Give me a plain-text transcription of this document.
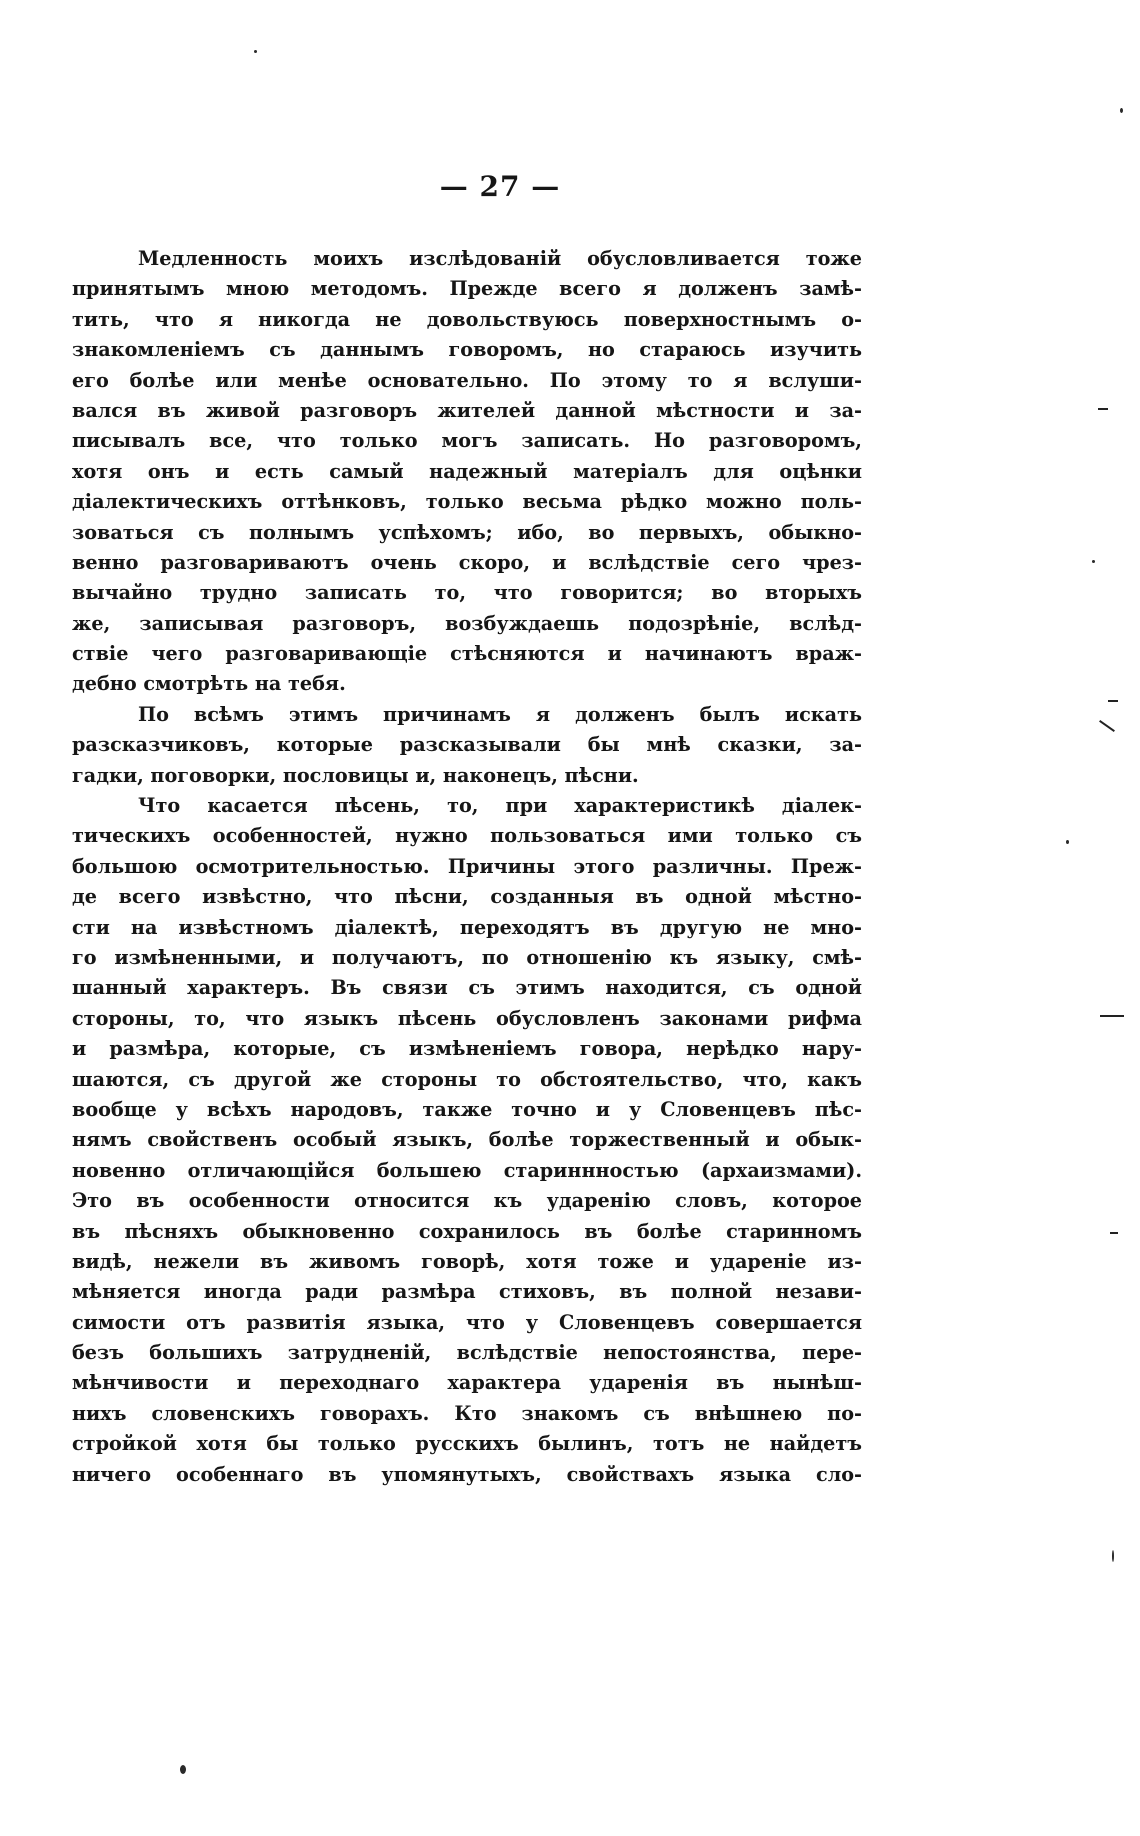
— 27 —
Медленность моихъ изслѣдованій обусловливается тоже
принятымъ мною методомъ. Прежде всего я долженъ замѣ-
тить, что я никогда не довольствуюсь поверхностнымъ о-
знакомленіемъ съ даннымъ говоромъ, но стараюсь изучить
его болѣе или менѣе основательно. По этому то я вслуши-
вался въ живой разговоръ жителей данной мѣстности и за-
писывалъ все, что только могъ записать. Но разговоромъ,
хотя онъ и есть самый надежный матеріалъ для оцѣнки
діалектическихъ оттѣнковъ, только весьма рѣдко можно поль-
зоваться съ полнымъ успѣхомъ; ибо, во первыхъ, обыкно-
венно разговариваютъ очень скоро, и вслѣдствіе сего чрез-
вычайно трудно записать то, что говорится; во вторыхъ
же, записывая разговоръ, возбуждаешь подозрѣніе, вслѣд-
ствіе чего разговаривающіе стѣсняются и начинаютъ враж-
дебно смотрѣть на тебя.
По всѣмъ этимъ причинамъ я долженъ былъ искать
разсказчиковъ, которые разсказывали бы мнѣ сказки, за-
гадки, поговорки, пословицы и, наконецъ, пѣсни.
Что касается пѣсень, то, при характеристикѣ діалек-
тическихъ особенностей, нужно пользоваться ими только съ
большою осмотрительностью. Причины этого различны. Преж-
де всего извѣстно, что пѣсни, созданныя въ одной мѣстно-
сти на извѣстномъ діалектѣ, переходятъ въ другую не мно-
го измѣненными, и получаютъ, по отношенію къ языку, смѣ-
шанный характеръ. Въ связи съ этимъ находится, съ одной
стороны, то, что языкъ пѣсень обусловленъ законами рифма
и размѣра, которые, съ измѣненіемъ говора, нерѣдко нару-
шаются, съ другой же стороны то обстоятельство, что, какъ
вообще у всѣхъ народовъ, также точно и у Словенцевъ пѣс-
нямъ свойственъ особый языкъ, болѣе торжественный и обык-
новенно отличающійся большею стариннностью (архаизмами).
Это въ особенности относится къ ударенію словъ, которое
въ пѣсняхъ обыкновенно сохранилось въ болѣе старинномъ
видѣ, нежели въ живомъ говорѣ, хотя тоже и удареніе из-
мѣняется иногда ради размѣра стиховъ, въ полной незави-
симости отъ развитія языка, что у Словенцевъ совершается
безъ большихъ затрудненій, вслѣдствіе непостоянства, пере-
мѣнчивости и переходнаго характера ударенія въ нынѣш-
нихъ словенскихъ говорахъ. Кто знакомъ съ внѣшнею по-
стройкой хотя бы только русскихъ былинъ, тотъ не найдетъ
ничего особеннаго въ упомянутыхъ, свойствахъ языка сло-
